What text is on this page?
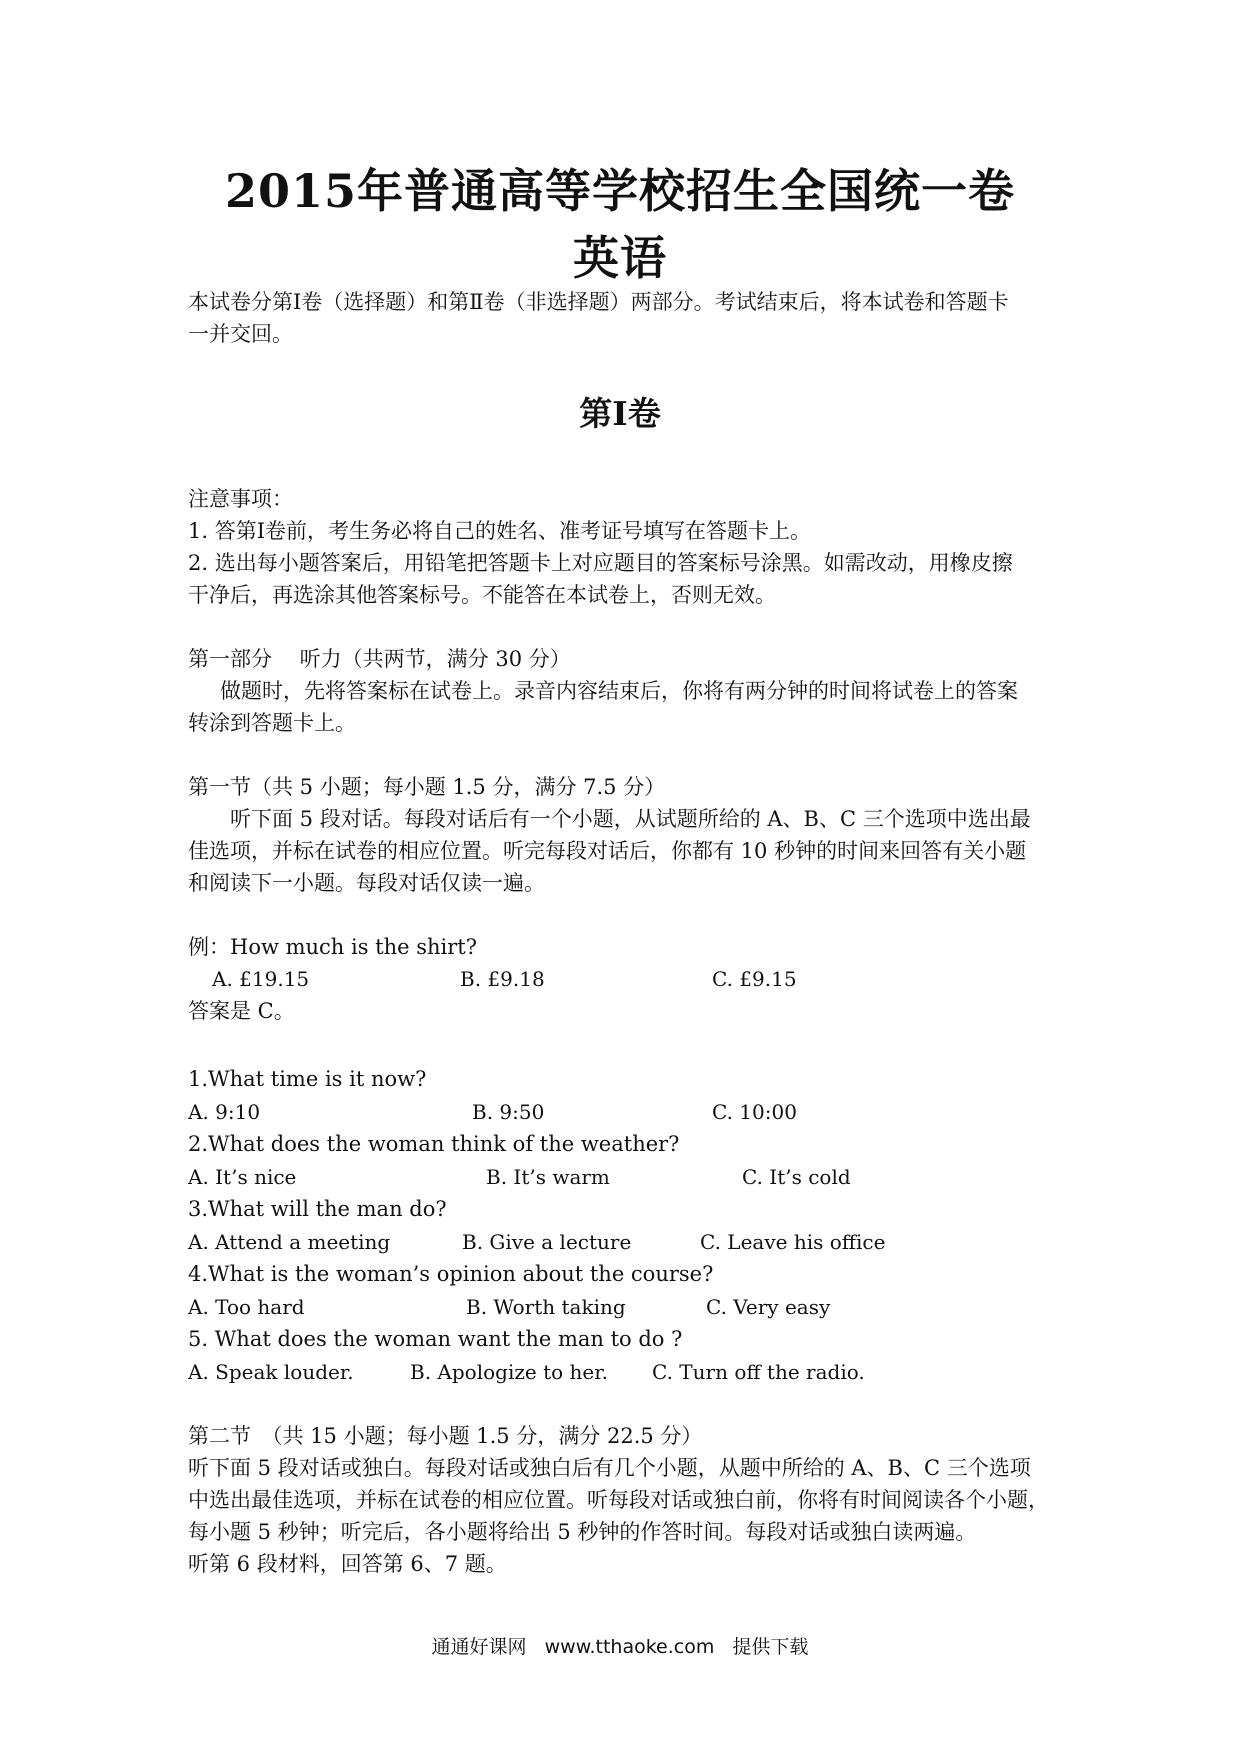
2015年普通高等学校招生全国统一卷
英语
本试卷分第Ⅰ卷（选择题）和第Ⅱ卷（非选择题）两部分。考试结束后，将本试卷和答题卡
一并交回。
第Ⅰ卷
注意事项：
1. 答第Ⅰ卷前，考生务必将自己的姓名、准考证号填写在答题卡上。
2. 选出每小题答案后，用铅笔把答题卡上对应题目的答案标号涂黑。如需改动，用橡皮擦
干净后，再选涂其他答案标号。不能答在本试卷上，否则无效。
第一部分　 听力（共两节，满分 30 分）
做题时，先将答案标在试卷上。录音内容结束后，你将有两分钟的时间将试卷上的答案
转涂到答题卡上。
第一节（共 5 小题；每小题 1.5 分，满分 7.5 分）
听下面 5 段对话。每段对话后有一个小题，从试题所给的 A、B、C 三个选项中选出最
佳选项，并标在试卷的相应位置。听完每段对话后，你都有 10 秒钟的时间来回答有关小题
和阅读下一小题。每段对话仅读一遍。
例：How much is the shirt?
A. £19.15	B. £9.18	C. £9.15
答案是 C。
1.What time is it now?
A. 9:10	B. 9:50	C. 10:00
2.What does the woman think of the weather?
A. It’s nice	B. It’s warm	C. It’s cold
3.What will the man do?
A. Attend a meeting	B. Give a lecture	C. Leave his office
4.What is the woman’s opinion about the course?
A. Too hard	B. Worth taking	C. Very easy
5. What does the woman want the man to do ?
A. Speak louder.	B. Apologize to her. C. Turn off the radio.
第二节　（共 15 小题；每小题 1.5 分，满分 22.5 分）
听下面 5 段对话或独白。每段对话或独白后有几个小题，从题中所给的 A、B、C 三个选项
中选出最佳选项，并标在试卷的相应位置。听每段对话或独白前，你将有时间阅读各个小题，
每小题 5 秒钟；听完后，各小题将给出 5 秒钟的作答时间。每段对话或独白读两遍。
听第 6 段材料，回答第 6、7 题。
通通好课网 www.tthaoke.com 提供下载
